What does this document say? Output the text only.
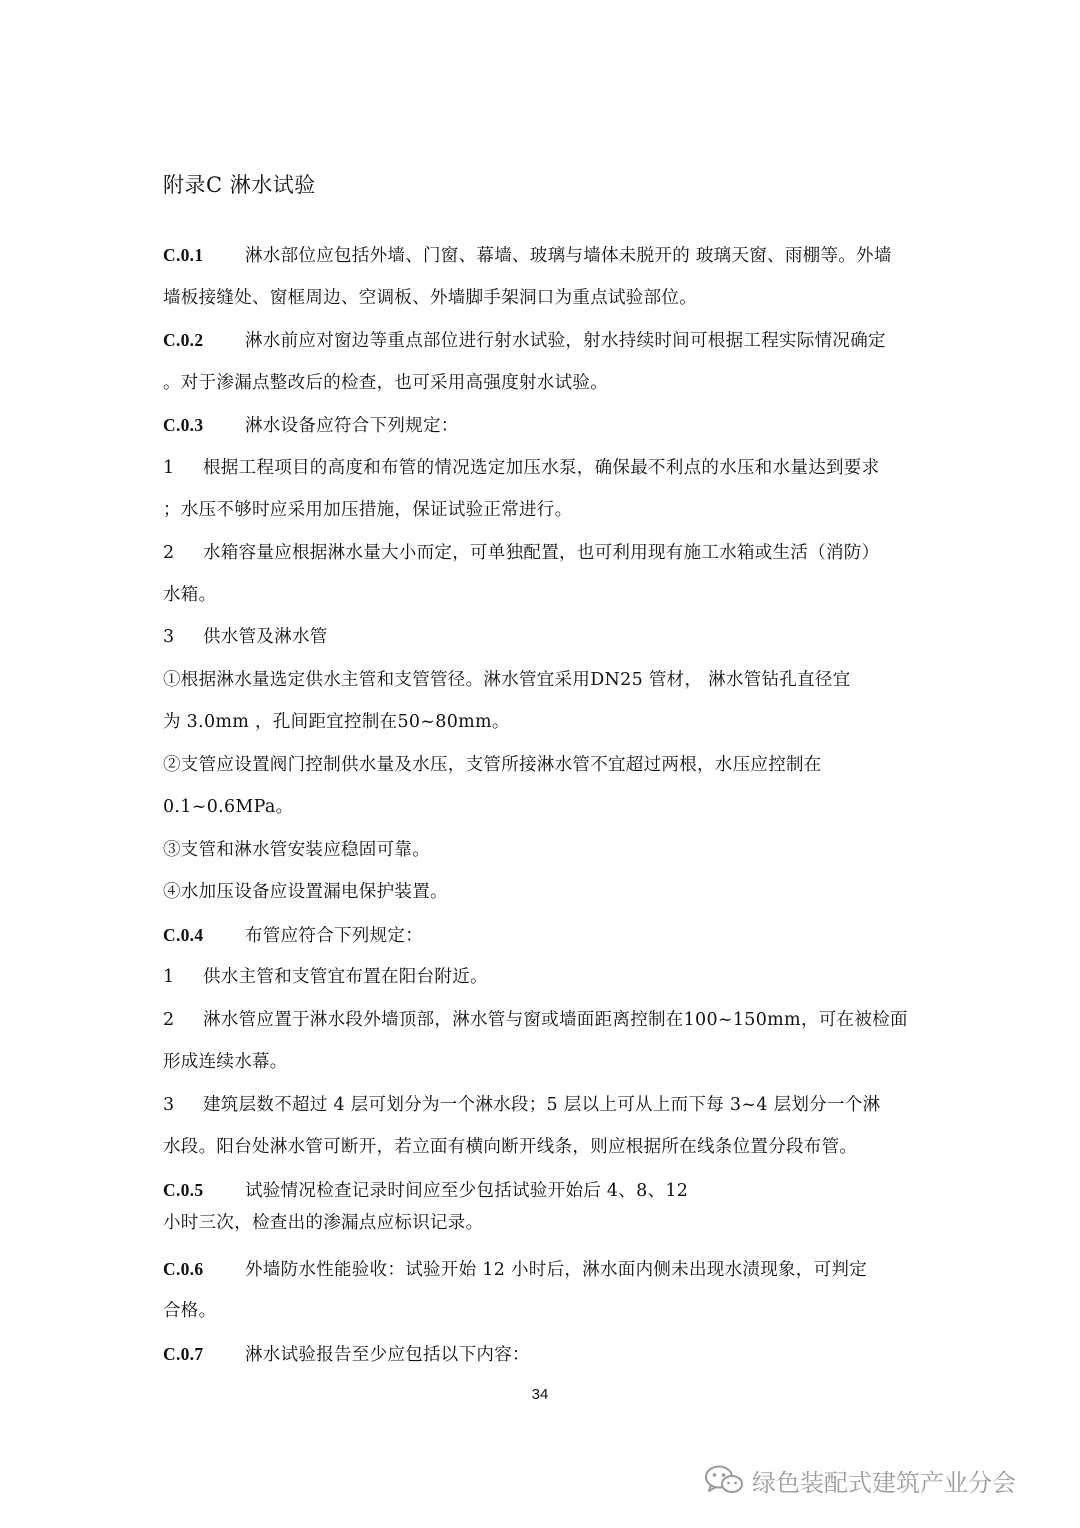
附录C 淋水试验
C.0.1 淋水部位应包括外墙、门窗、幕墙、玻璃与墙体未脱开的 玻璃天窗、雨棚等。外墙
墙板接缝处、窗框周边、空调板、外墙脚手架洞口为重点试验部位。
C.0.2 淋水前应对窗边等重点部位进行射水试验，射水持续时间可根据工程实际情况确定
。对于渗漏点整改后的检查，也可采用高强度射水试验。
C.0.3 淋水设备应符合下列规定：
1 根据工程项目的高度和布管的情况选定加压水泵，确保最不利点的水压和水量达到要求
；水压不够时应采用加压措施，保证试验正常进行。
2 水箱容量应根据淋水量大小而定，可单独配置，也可利用现有施工水箱或生活（消防）
水箱。
3 供水管及淋水管
①根据淋水量选定供水主管和支管管径。淋水管宜采用DN25 管材， 淋水管钻孔直径宜
为 3.0mm ，孔间距宜控制在50~80mm。
②支管应设置阀门控制供水量及水压，支管所接淋水管不宜超过两根，水压应控制在
0.1~0.6MPa。
③支管和淋水管安装应稳固可靠。
④水加压设备应设置漏电保护装置。
C.0.4 布管应符合下列规定：
1 供水主管和支管宜布置在阳台附近。
2 淋水管应置于淋水段外墙顶部，淋水管与窗或墙面距离控制在100~150mm，可在被检面
形成连续水幕。
3 建筑层数不超过 4 层可划分为一个淋水段；5 层以上可从上而下每 3~4 层划分一个淋
水段。阳台处淋水管可断开，若立面有横向断开线条，则应根据所在线条位置分段布管。
C.0.5 试验情况检查记录时间应至少包括试验开始后 4、8、12
小时三次，检查出的渗漏点应标识记录。
C.0.6 外墙防水性能验收：试验开始 12 小时后，淋水面内侧未出现水渍现象，可判定
合格。
C.0.7 淋水试验报告至少应包括以下内容：
34
绿色装配式建筑产业分会
